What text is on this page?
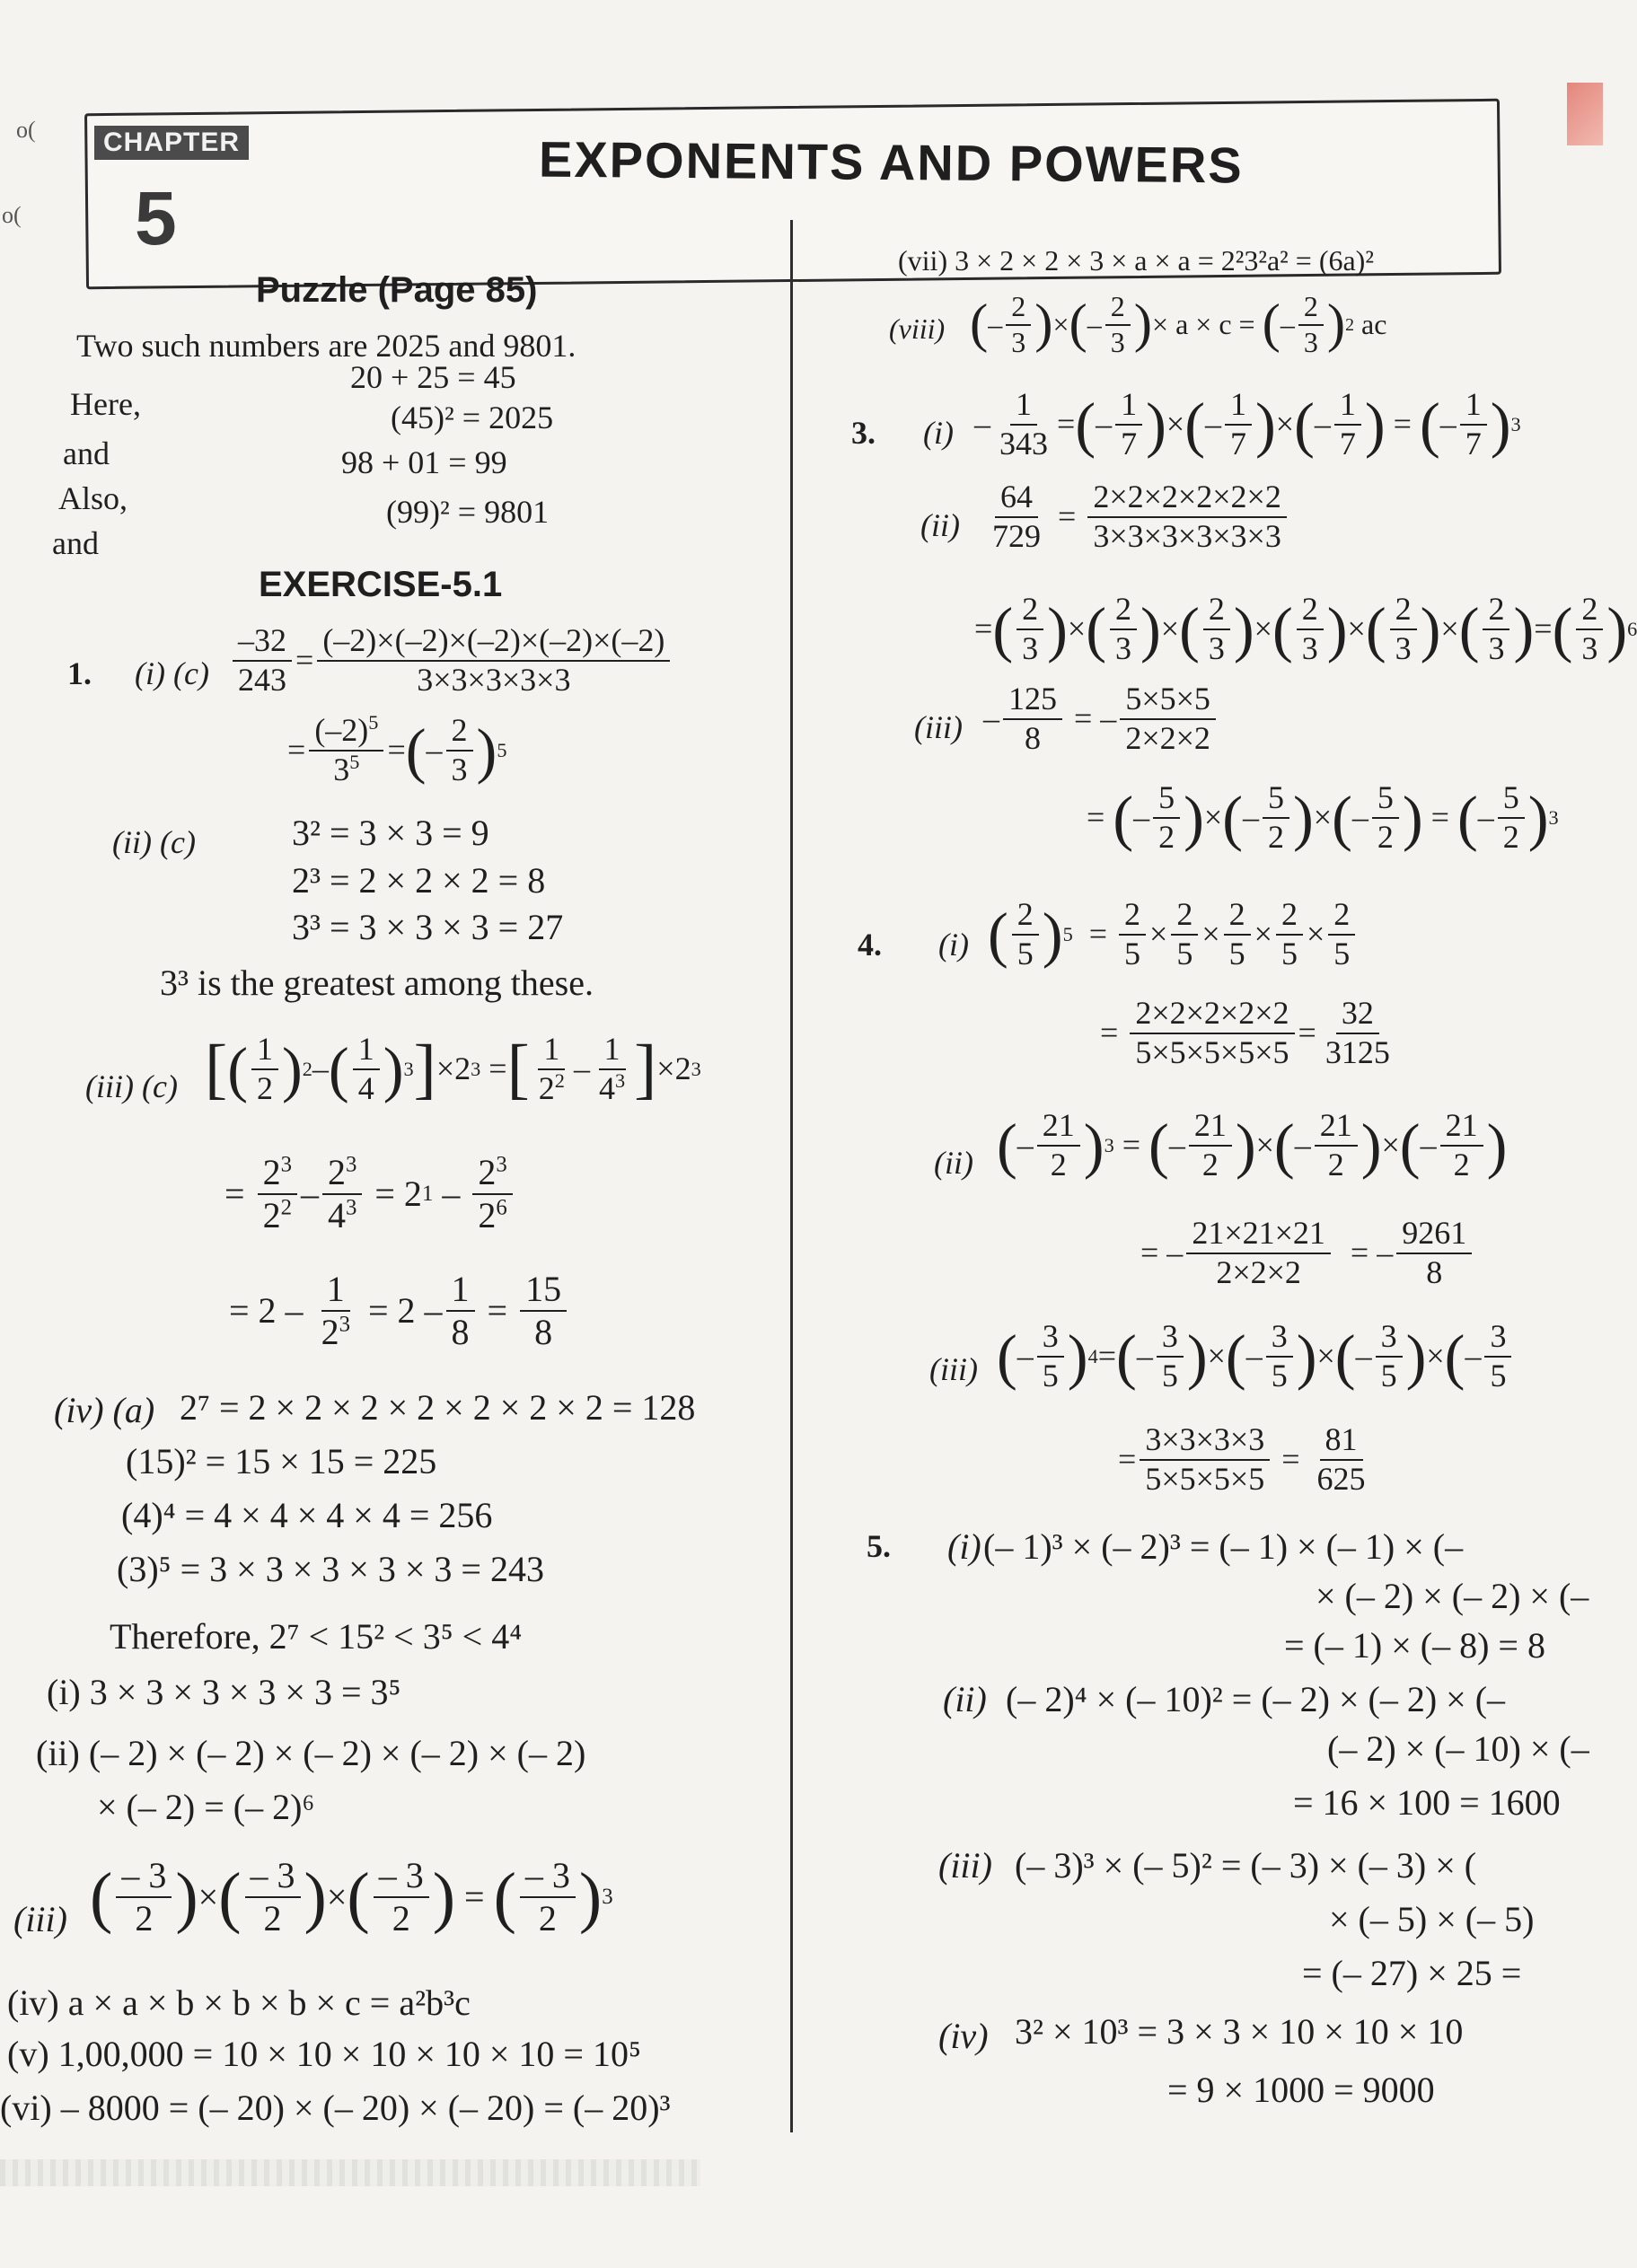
o(
o(
CHAPTER
5
EXPONENTS AND POWERS
Puzzle (Page 85)
Two such numbers are 2025 and 9801.
Here,
20 + 25 = 45
and
(45)² = 2025
Also,
98 + 01 = 99
and
(99)² = 9801
EXERCISE-5.1
1. (i) $(c) \frac{-32}{243} = \frac{(-2)\times(-2)\times(-2)\times(-2)\times(-2)}{3\times 3\times 3\times 3\times 3}$
= $\frac{(-2)^5}{3^5}$ = ( – $\frac{2}{3}$ ) 5
(ii) (c)	3² = 3 × 3 = 9
2³ = 2 × 2 × 2 = 8
3³ = 3 × 3 × 3 = 27
3³ is the greatest among these.
(iii) (c) [ ( $\frac{1}{2}$ ) 2 – ( $\frac{1}{4}$ ) 3 ] ×2 3 = [ $\frac{1}{2^2} - \frac{1}{4^3}$ ] ×2 3
= $\frac{2^3}{2^2} - \frac{2^3}{4^3} = 2$ $1 - \frac{2^3}{2^6}$
= $2 - \frac{1}{2^3} = 2 - \frac{1}{8} = \frac{15}{8}$
(iv) (a) 2⁷ = 2 × 2 × 2 × 2 × 2 × 2 × 2 = 128
(15)² = 15 × 15 = 225
(4)⁴ = 4 × 4 × 4 × 4 = 256
(3)⁵ = 3 × 3 × 3 × 3 × 3 = 243
Therefore, 2⁷ < 15² < 3⁵ < 4⁴
(i) 3 × 3 × 3 × 3 × 3 = 3⁵
(ii) (– 2) × (– 2) × (– 2) × (– 2) × (– 2)
× (– 2) = (– 2)⁶
(iii) ( $\frac{- 3}{2}$ ) × ( $\frac{- 3}{2}$ ) × ( $\frac{- 3}{2}$ ) = ( $\frac{- 3}{2}$ ) 3
(iv) a × a × b × b × b × c = a²b³c
(v) 1,00,000 = 10 × 10 × 10 × 10 × 10 = 10⁵
(vi) – 8000 = (– 20) × (– 20) × (– 20) = (– 20)³
(vii) 3 × 2 × 2 × 3 × a × a = 2²3²a² = (6a)²
(viii) ( – $\frac{2}{3}$ ) × ( – $\frac{2}{3}$ ) × a × c = ( – $\frac{2}{3}$ ) 2 ac
3. $(i) - \frac{1}{343}$ = ( – $\frac{1}{7}$ ) × ( – $\frac{1}{7}$ ) × ( – $\frac{1}{7}$ ) = ( – $\frac{1}{7}$ ) 3
$(ii) \frac{64}{729} = \frac{2\times 2\times 2\times 2\times 2\times 2}{3\times 3\times 3\times 3\times 3\times 3}$
= ( $\frac{2}{3}$ ) × ( $\frac{2}{3}$ ) × ( $\frac{2}{3}$ ) × ( $\frac{2}{3}$ ) × ( $\frac{2}{3}$ ) × ( $\frac{2}{3}$ ) = ( $\frac{2}{3}$ ) 6
$(iii) - \frac{125}{8}$ = – $\frac{5\times 5\times 5}{2\times 2\times 2}$
= ( – $\frac{5}{2}$ ) × ( – $\frac{5}{2}$ ) × ( – $\frac{5}{2}$ ) = ( – $\frac{5}{2}$ ) 3
4. (i) ( $\frac{2}{5}$ ) $5 = \frac{2}{5} \times \frac{2}{5} \times \frac{2}{5} \times \frac{2}{5} \times \frac{2}{5}$
= $\frac{2\times 2\times 2\times 2\times 2}{5\times 5\times 5\times 5\times 5} = \frac{32}{3125}$
(ii) ( – $\frac{21}{2}$ ) 3 = ( – $\frac{21}{2}$ ) × ( – $\frac{21}{2}$ ) × ( – $\frac{21}{2}$ )
= – $\frac{21\times 21\times 21}{2\times 2\times 2}$ = – $\frac{9261}{8}$
(iii) ( – $\frac{3}{5}$ ) 4 = ( – $\frac{3}{5}$ ) × ( – $\frac{3}{5}$ ) × ( – $\frac{3}{5}$ ) × ( – $\frac{3}{5}$
= $\frac{3\times 3\times 3\times 3}{5\times 5\times 5\times 5} = \frac{81}{625}$
5. (i) (– 1)³ × (– 2)³ = (– 1) × (– 1) × (–
× (– 2) × (– 2) × (–
= (– 1) × (– 8) = 8
(ii) (– 2)⁴ × (– 10)² = (– 2) × (– 2) × (–
(– 2) × (– 10) × (–
= 16 × 100 = 1600
(iii) (– 3)³ × (– 5)² = (– 3) × (– 3) × (
× (– 5) × (– 5)
= (– 27) × 25 =
(iv) 3² × 10³ = 3 × 3 × 10 × 10 × 10
= 9 × 1000 = 9000
